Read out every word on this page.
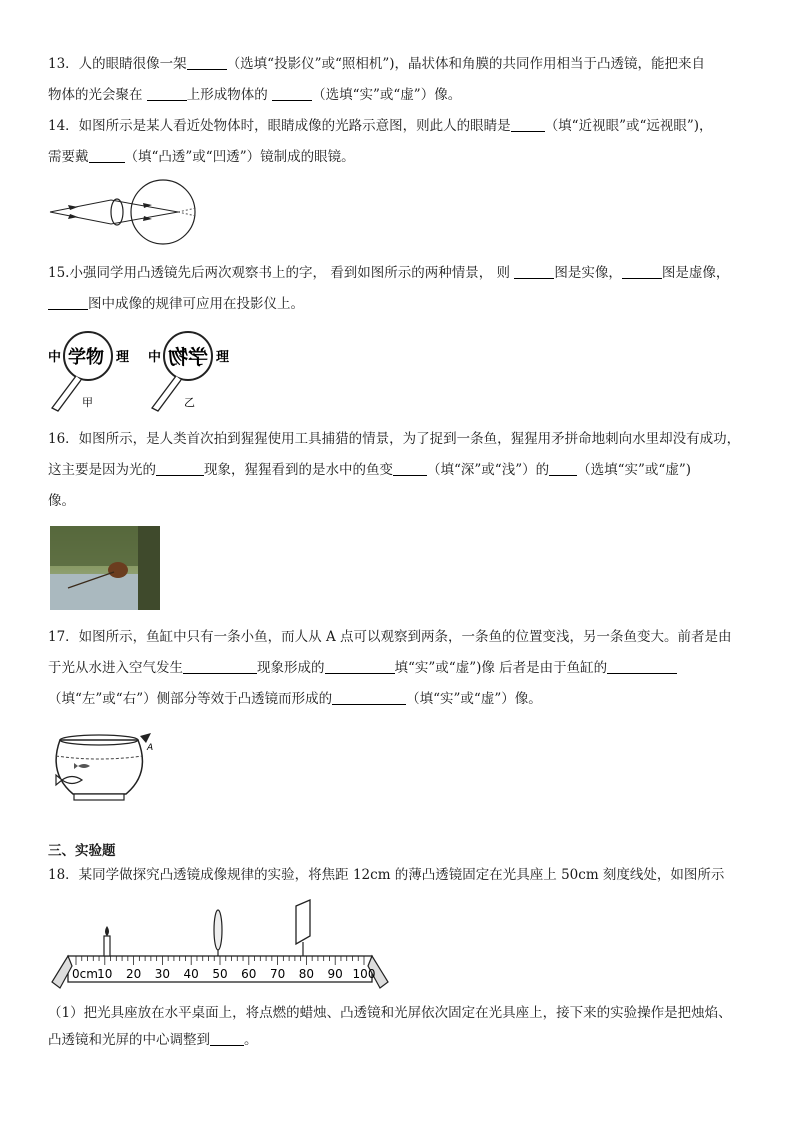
13．人的眼睛很像一架	（选填“投影仪”或“照相机”)，晶状体和角膜的共同作用相当于凸透镜，能把来自
物体的光会聚在	上形成物体的	（选填“实”或“虚”）像。
14．如图所示是某人看近处物体时，眼睛成像的光路示意图，则此人的眼睛是	（填“近视眼”或“远视眼”)，
需要戴	（填“凸透”或“凹透”）镜制成的眼镜。
15.小强同学用凸透镜先后两次观察书上的字， 看到如图所示的两种情景， 则	图是实像，	图是虚像，
图中成像的规律可应用在投影仪上。
中 学物 理
甲
中 学物 理
乙
16．如图所示，是人类首次拍到猩猩使用工具捕猎的情景，为了捉到一条鱼，猩猩用矛拼命地刺向水里却没有成功，
这主要是因为光的	现象，猩猩看到的是水中的鱼变	（填“深”或“浅”）的 （选填“实”或“虚”)
像。
17．如图所示，鱼缸中只有一条小鱼，而人从 A 点可以观察到两条，一条鱼的位置变浅，另一条鱼变大。前者是由
于光从水进入空气发生	现象形成的	填“实”或“虚”)像 后者是由于鱼缸的
（填“左”或“右”）侧部分等效于凸透镜而形成的	（填“实”或“虚”）像。
A
三、实验题
18．某同学做探究凸透镜成像规律的实验，将焦距 12cm 的薄凸透镜固定在光具座上 50cm 刻度线处，如图所示
0cm 10 20 30 40 50 60 70 80 90 100
（1）把光具座放在水平桌面上，将点燃的蜡烛、凸透镜和光屏依次固定在光具座上，接下来的实验操作是把烛焰、
凸透镜和光屏的中心调整到	。
